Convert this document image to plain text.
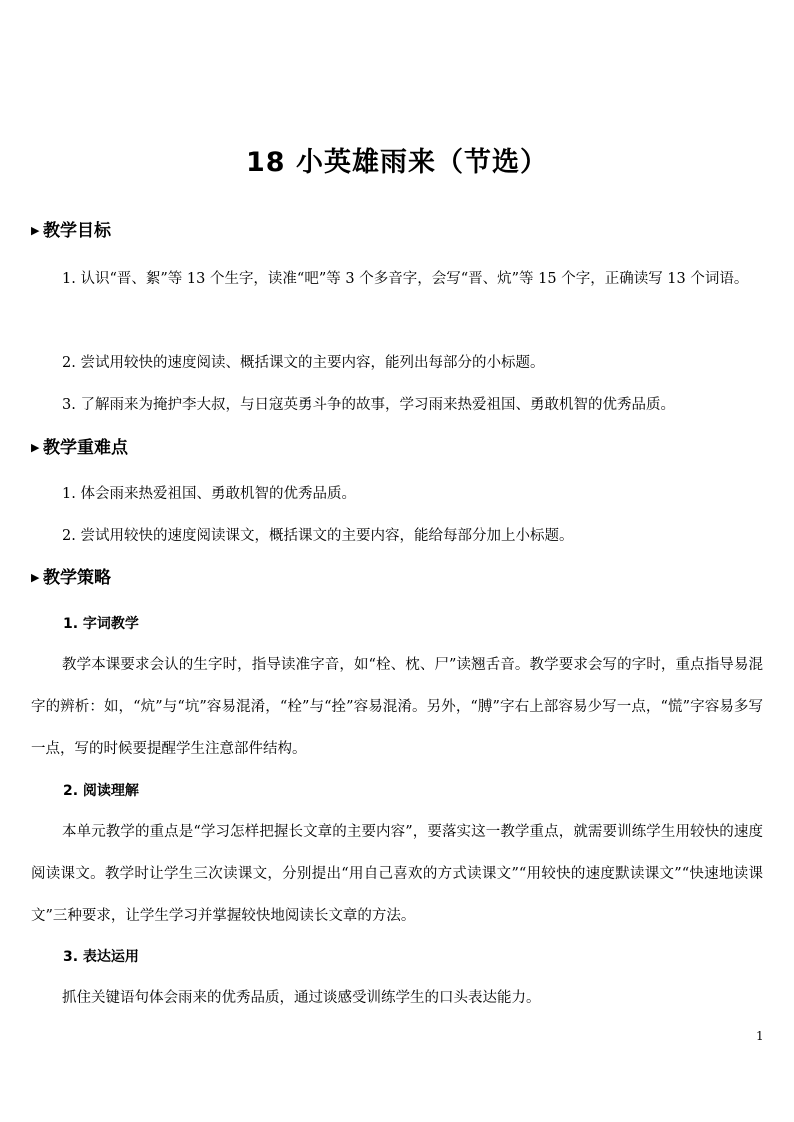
18 小英雄雨来（节选）
▶ 教学目标

1. 认识“晋、絮”等 13 个生字，读准“吧”等 3 个多音字，会写“晋、炕”等 15 个字，正确读写 13 个词语。

2. 尝试用较快的速度阅读、概括课文的主要内容，能列出每部分的小标题。

3. 了解雨来为掩护李大叔，与日寇英勇斗争的故事，学习雨来热爱祖国、勇敢机智的优秀品质。

▶ 教学重难点

1. 体会雨来热爱祖国、勇敢机智的优秀品质。

2. 尝试用较快的速度阅读课文，概括课文的主要内容，能给每部分加上小标题。

▶ 教学策略
1. 字词教学

教学本课要求会认的生字时，指导读准字音，如“栓、枕、尸”读翘舌音。教学要求会写的字时，重点指导易混字的辨析：如，“炕”与“坑”容易混淆，“栓”与“拴”容易混淆。另外，“膊”字右上部容易少写一点，“慌”字容易多写一点，写的时候要提醒学生注意部件结构。

2. 阅读理解

本单元教学的重点是“学习怎样把握长文章的主要内容”，要落实这一教学重点，就需要训练学生用较快的速度阅读课文。教学时让学生三次读课文，分别提出“用自己喜欢的方式读课文”“用较快的速度默读课文”“快速地读课文”三种要求，让学生学习并掌握较快地阅读长文章的方法。

3. 表达运用

抓住关键语句体会雨来的优秀品质，通过谈感受训练学生的口头表达能力。

1
